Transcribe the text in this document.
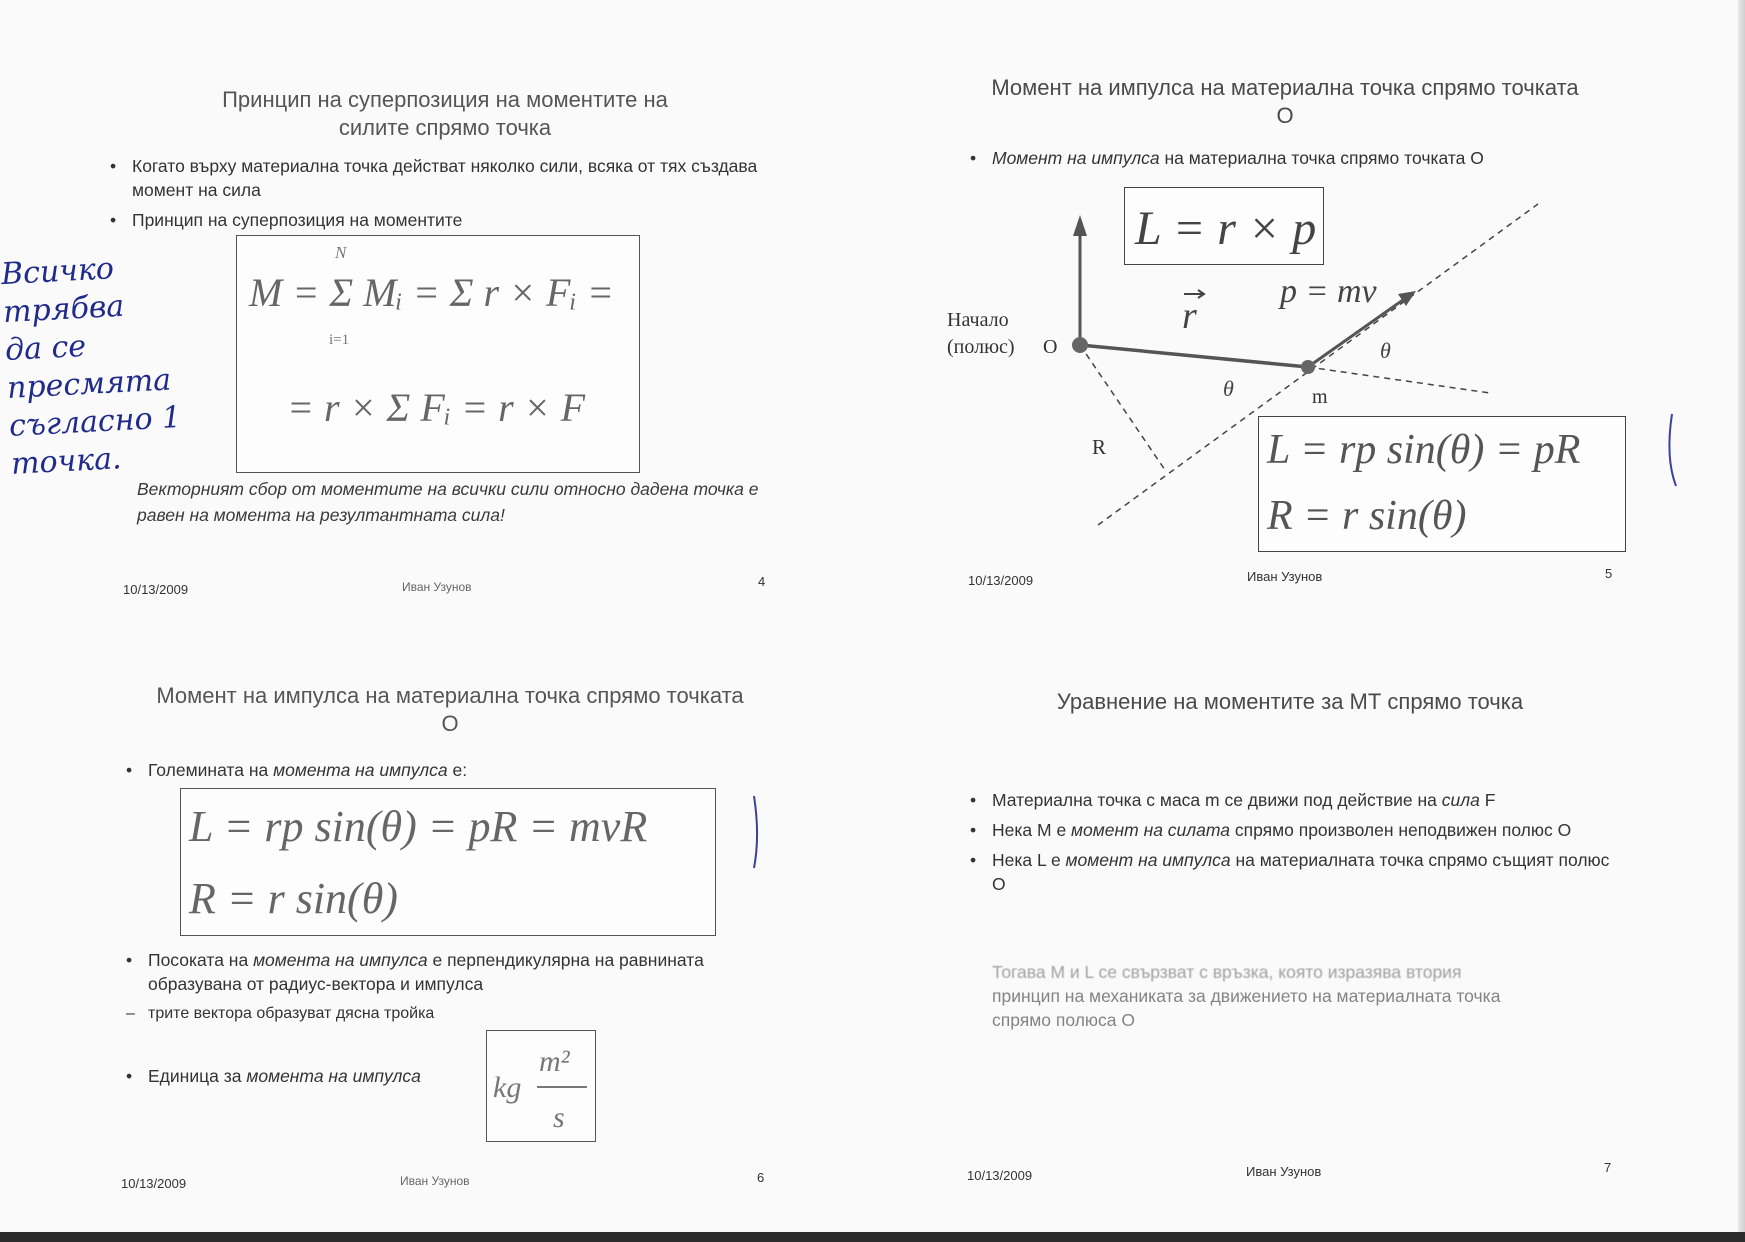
Принцип на суперпозиция на моментите на силите спрямо точка
• Когато върху материална точка действат няколко сили, всяка от тях създава момент на сила
• Принцип на суперпозиция на моментите
M = Σ Mᵢ = Σ r × Fᵢ =
N
i=1
= r × Σ Fᵢ = r × F
Векторният сбор от моментите на всички сили относно дадена точка е равен на момента на резултантната сила!
10/13/2009	Иван Узунов	4
Всичко трябва
да се пресмята
съгласно 1
точка.
Момент на импулса на материална точка спрямо точката О
• Момент на импулса на материална точка спрямо точката О
L = r × p
Начало
(полюс) O
r
p = mv
θ
θ
m
R	L = rp sin(θ) = pR
R = r sin(θ)
10/13/2009	Иван Узунов	5
Момент на импулса на материална точка спрямо точката О
• Големината на момента на импулса е:
L = rp sin(θ) = pR = mvR
R = r sin(θ)
• Посоката на момента на импулса е перпендикулярна на равнината образувана от радиус-вектора и импулса
– трите вектора образуват дясна тройка
• Единица за момента на импулса	kg
m²
s
10/13/2009	Иван Узунов	6
Уравнение на моментите за МТ спрямо точка
• Материална точка с маса m се движи под действие на сила F
• Нека M е момент на силата спрямо произволен неподвижен полюс О
• Нека L е момент на импулса на материалната точка спрямо същият полюс О
Тогава M и L се свързват с връзка, която изразява втория
принцип на механиката за движението на материалната точка
спрямо полюса О
10/13/2009	Иван Узунов	7
